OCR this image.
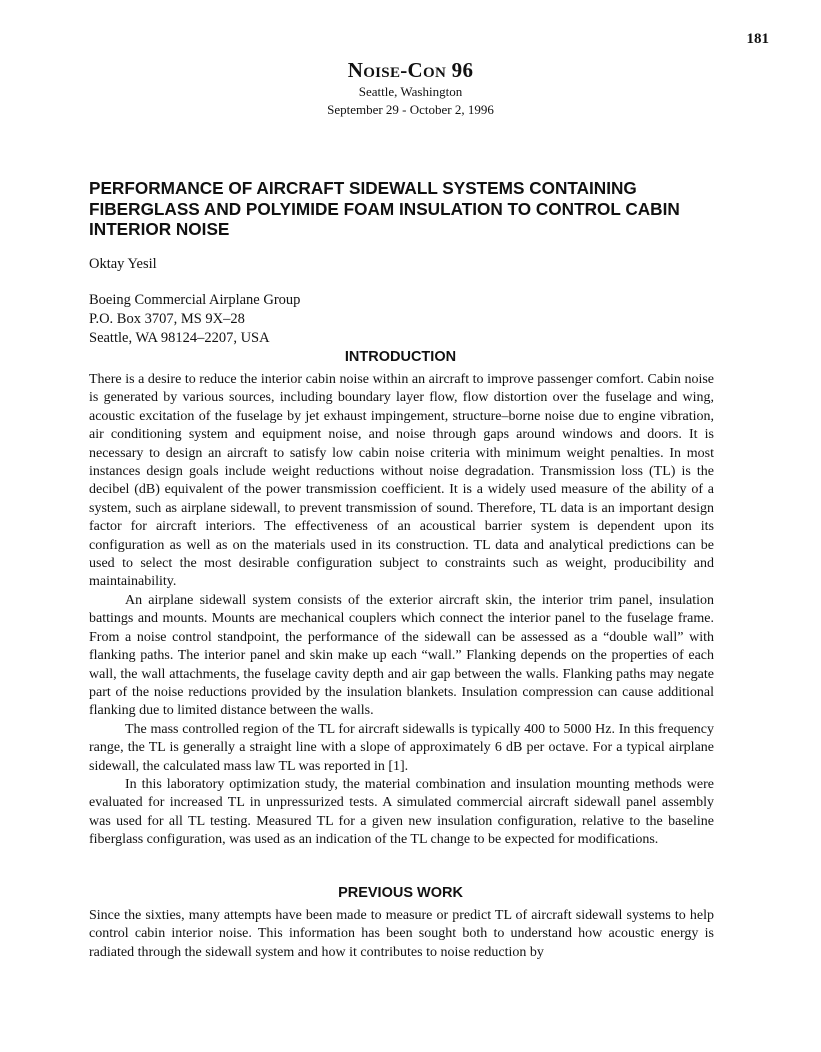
181
Noise-Con 96
Seattle, Washington
September 29 - October 2, 1996
PERFORMANCE OF AIRCRAFT SIDEWALL SYSTEMS CONTAINING FIBERGLASS AND POLYIMIDE FOAM INSULATION TO CONTROL CABIN INTERIOR NOISE
Oktay Yesil
Boeing Commercial Airplane Group
P.O. Box 3707, MS 9X–28
Seattle, WA 98124–2207, USA
INTRODUCTION

There is a desire to reduce the interior cabin noise within an aircraft to improve passenger comfort. Cabin noise is generated by various sources, including boundary layer flow, flow distortion over the fuselage and wing, acoustic excitation of the fuselage by jet exhaust impingement, structure–borne noise due to engine vibration, air conditioning system and equipment noise, and noise through gaps around windows and doors. It is necessary to design an aircraft to satisfy low cabin noise criteria with minimum weight penalties. In most instances design goals include weight reductions without noise degradation. Transmission loss (TL) is the decibel (dB) equivalent of the power transmission coefficient. It is a widely used measure of the ability of a system, such as airplane sidewall, to prevent transmission of sound. Therefore, TL data is an important design factor for aircraft interiors. The effectiveness of an acoustical barrier system is dependent upon its configuration as well as on the materials used in its construction. TL data and analytical predictions can be used to select the most desirable configuration subject to constraints such as weight, producibility and maintainability.

An airplane sidewall system consists of the exterior aircraft skin, the interior trim panel, insulation battings and mounts. Mounts are mechanical couplers which connect the interior panel to the fuselage frame. From a noise control standpoint, the performance of the sidewall can be assessed as a “double wall” with flanking paths. The interior panel and skin make up each “wall.” Flanking depends on the properties of each wall, the wall attachments, the fuselage cavity depth and air gap between the walls. Flanking paths may negate part of the noise reductions provided by the insulation blankets. Insulation compression can cause additional flanking due to limited distance between the walls.

The mass controlled region of the TL for aircraft sidewalls is typically 400 to 5000 Hz. In this frequency range, the TL is generally a straight line with a slope of approximately 6 dB per octave. For a typical airplane sidewall, the calculated mass law TL was reported in [1].

In this laboratory optimization study, the material combination and insulation mounting methods were evaluated for increased TL in unpressurized tests. A simulated commercial aircraft sidewall panel assembly was used for all TL testing. Measured TL for a given new insulation configuration, relative to the baseline fiberglass configuration, was used as an indication of the TL change to be expected for modifications.

PREVIOUS WORK

Since the sixties, many attempts have been made to measure or predict TL of aircraft sidewall systems to help control cabin interior noise. This information has been sought both to understand how acoustic energy is radiated through the sidewall system and how it contributes to noise reduction by
